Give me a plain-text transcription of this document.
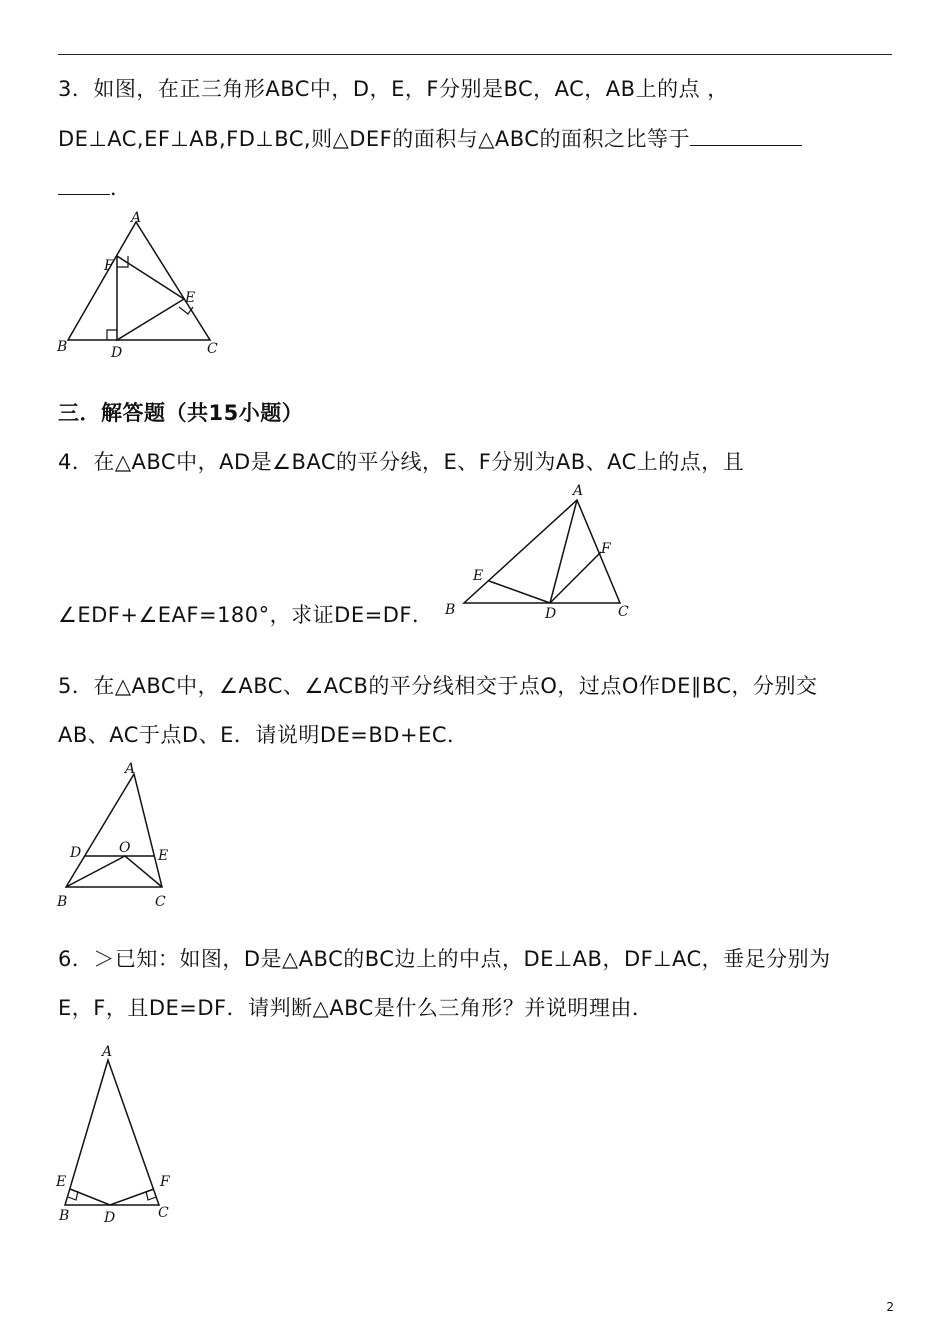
3．如图，在正三角形ABC中，D，E，F分别是BC，AC，AB上的点 ，
DE⊥AC,EF⊥AB,FD⊥BC,则△DEF的面积与△ABC的面积之比等于
．
A
B	C
D
E
F
三．解答题（共15小题）
4．在△ABC中，AD是∠BAC的平分线，E、F分别为AB、AC上的点，且
∠EDF+∠EAF=180°，求证DE=DF．
A
B	C
D
E
F
5．在△ABC中，∠ABC、∠ACB的平分线相交于点O，过点O作DE∥BC，分别交
AB、AC于点D、E．请说明DE=BD+EC．
A
B	C
D	E
O
6．＞已知：如图，D是△ABC的BC边上的中点，DE⊥AB，DF⊥AC，垂足分别为
E，F，且DE=DF．请判断△ABC是什么三角形？并说明理由．
A
B	C
D
E	F
2
